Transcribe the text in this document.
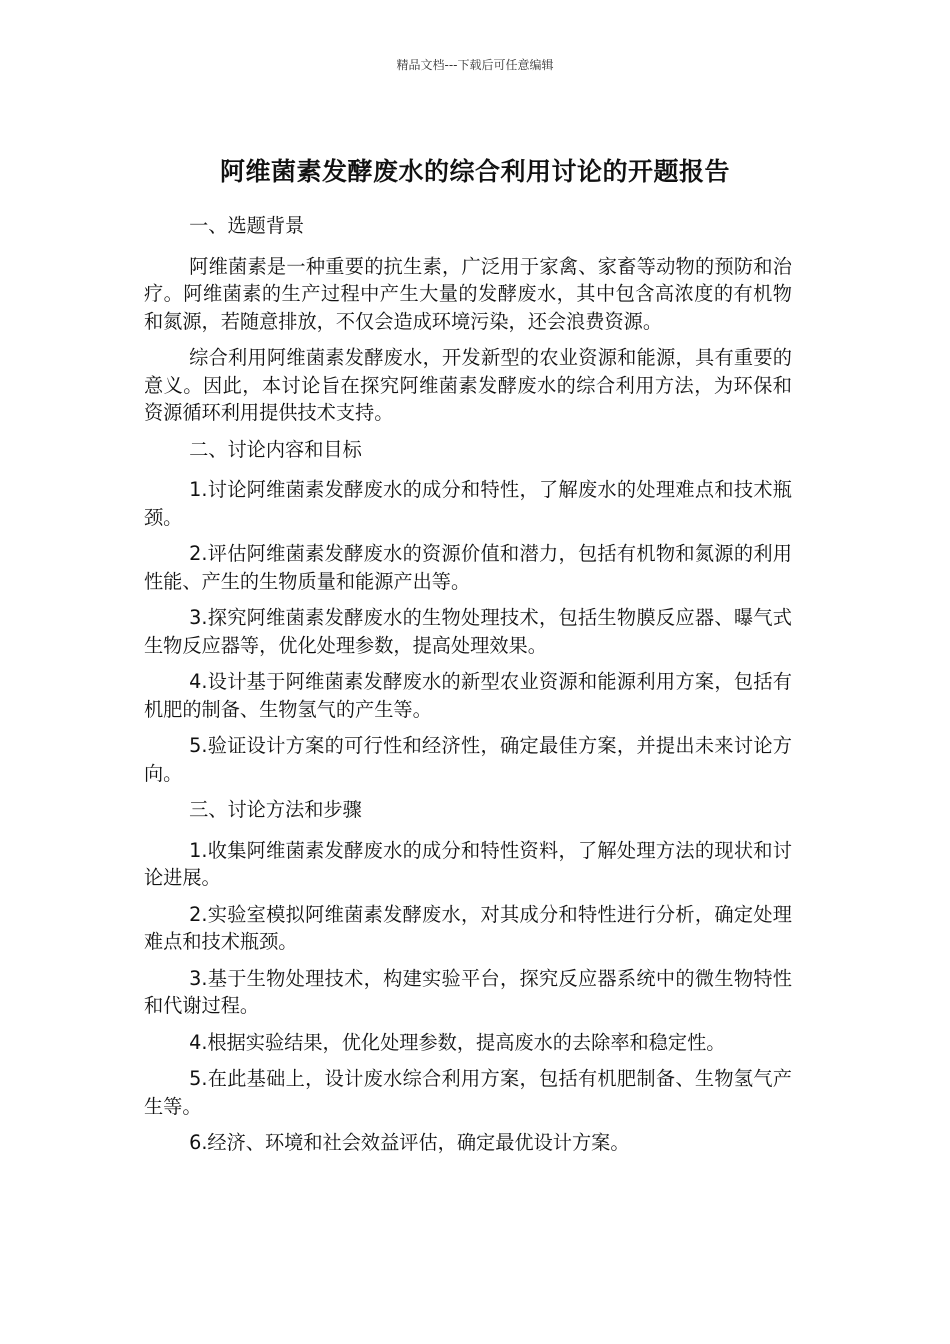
精品文档---下载后可任意编辑
阿维菌素发酵废水的综合利用讨论的开题报告

一、选题背景

阿维菌素是一种重要的抗生素，广泛用于家禽、家畜等动物的预防和治疗。阿维菌素的生产过程中产生大量的发酵废水，其中包含高浓度的有机物和氮源，若随意排放，不仅会造成环境污染，还会浪费资源。

综合利用阿维菌素发酵废水，开发新型的农业资源和能源，具有重要的意义。因此，本讨论旨在探究阿维菌素发酵废水的综合利用方法，为环保和资源循环利用提供技术支持。

二、讨论内容和目标

1.讨论阿维菌素发酵废水的成分和特性，了解废水的处理难点和技术瓶颈。

2.评估阿维菌素发酵废水的资源价值和潜力，包括有机物和氮源的利用性能、产生的生物质量和能源产出等。

3.探究阿维菌素发酵废水的生物处理技术，包括生物膜反应器、曝气式生物反应器等，优化处理参数，提高处理效果。

4.设计基于阿维菌素发酵废水的新型农业资源和能源利用方案，包括有机肥的制备、生物氢气的产生等。

5.验证设计方案的可行性和经济性，确定最佳方案，并提出未来讨论方向。

三、讨论方法和步骤

1.收集阿维菌素发酵废水的成分和特性资料，了解处理方法的现状和讨论进展。

2.实验室模拟阿维菌素发酵废水，对其成分和特性进行分析，确定处理难点和技术瓶颈。

3.基于生物处理技术，构建实验平台，探究反应器系统中的微生物特性和代谢过程。

4.根据实验结果，优化处理参数，提高废水的去除率和稳定性。

5.在此基础上，设计废水综合利用方案，包括有机肥制备、生物氢气产生等。

6.经济、环境和社会效益评估，确定最优设计方案。
